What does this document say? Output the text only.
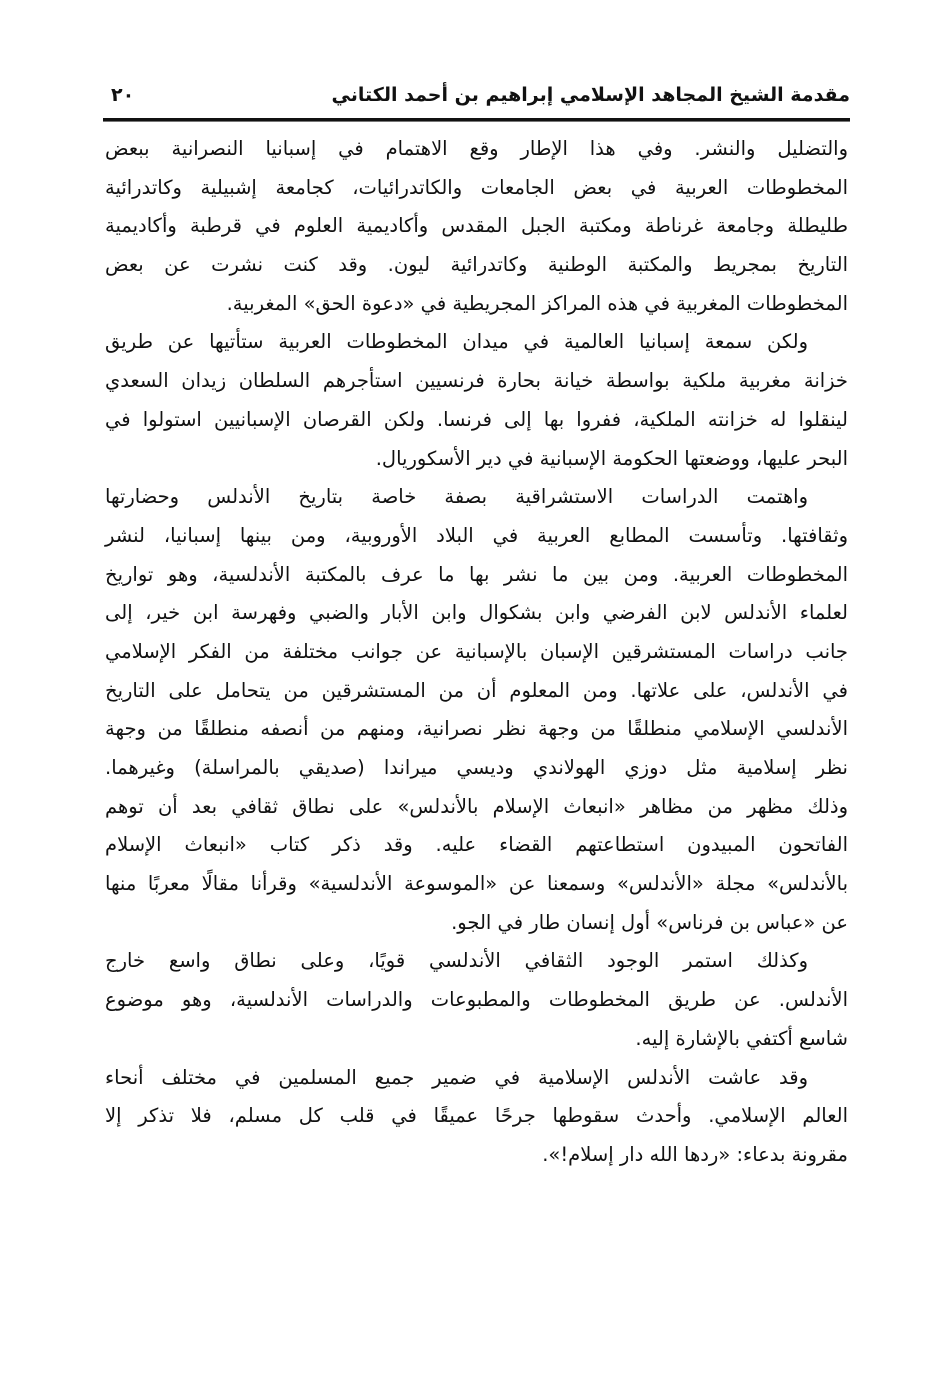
مقدمة الشيخ المجاهد الإسلامي إبراهيم بن أحمد الكتاني
٢٠
والتضليل والنشر. وفي هذا الإطار وقع الاهتمام في إسبانيا النصرانية ببعض
المخطوطات العربية في بعض الجامعات والكاتدرائيات، كجامعة إشبيلية وكاتدرائية
طليطلة وجامعة غرناطة ومكتبة الجبل المقدس وأكاديمية العلوم في قرطبة وأكاديمية
التاريخ بمجريط والمكتبة الوطنية وكاتدرائية ليون. وقد كنت نشرت عن بعض
المخطوطات المغربية في هذه المراكز المجريطية في «دعوة الحق» المغربية.
ولكن سمعة إسبانيا العالمية في ميدان المخطوطات العربية ستأتيها عن طريق
خزانة مغربية ملكية بواسطة خيانة بحارة فرنسيين استأجرهم السلطان زيدان السعدي
لينقلوا له خزانته الملكية، ففروا بها إلى فرنسا. ولكن القرصان الإسبانيين استولوا في
البحر عليها، ووضعتها الحكومة الإسبانية في دير الأسكوريال.
واهتمت الدراسات الاستشراقية بصفة خاصة بتاريخ الأندلس وحضارتها
وثقافتها. وتأسست المطابع العربية في البلاد الأوروبية، ومن بينها إسبانيا، لنشر
المخطوطات العربية. ومن بين ما نشر بها ما عرف بالمكتبة الأندلسية، وهو تواريخ
لعلماء الأندلس لابن الفرضي وابن بشكوال وابن الأبار والضبي وفهرسة ابن خير، إلى
جانب دراسات المستشرقين الإسبان بالإسبانية عن جوانب مختلفة من الفكر الإسلامي
في الأندلس، على علاتها. ومن المعلوم أن من المستشرقين من يتحامل على التاريخ
الأندلسي الإسلامي منطلقًا من وجهة نظر نصرانية، ومنهم من أنصفه منطلقًا من وجهة
نظر إسلامية مثل دوزي الهولاندي وديسي ميراندا (صديقي بالمراسلة) وغيرهما.
وذلك مظهر من مظاهر «انبعاث الإسلام بالأندلس» على نطاق ثقافي بعد أن توهم
الفاتحون المبيدون استطاعتهم القضاء عليه. وقد ذكر كتاب «انبعاث الإسلام
بالأندلس» مجلة «الأندلس» وسمعنا عن «الموسوعة الأندلسية» وقرأنا مقالًا معربًا منها
عن «عباس بن فرناس» أول إنسان طار في الجو.
وكذلك استمر الوجود الثقافي الأندلسي قويًا، وعلى نطاق واسع خارج
الأندلس. عن طريق المخطوطات والمطبوعات والدراسات الأندلسية، وهو موضوع
شاسع أكتفي بالإشارة إليه.
وقد عاشت الأندلس الإسلامية في ضمير جميع المسلمين في مختلف أنحاء
العالم الإسلامي. وأحدث سقوطها جرحًا عميقًا في قلب كل مسلم، فلا تذكر إلا
مقرونة بدعاء: «ردها الله دار إسلام!».
